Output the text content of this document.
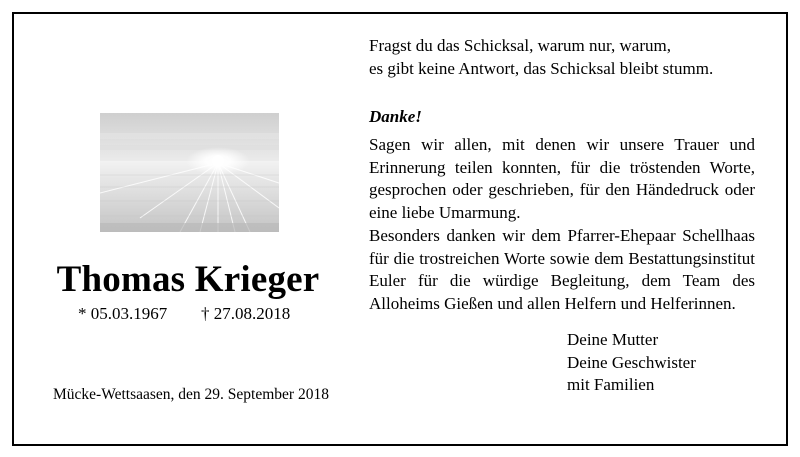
Thomas Krieger
* 05.03.1967 † 27.08.2018
Mücke-Wettsaasen, den 29. September 2018
Fragst du das Schicksal, warum nur, warum,
es gibt keine Antwort, das Schicksal bleibt stumm.
Danke!

Sagen wir allen, mit denen wir unsere Trauer und Erinnerung teilen konnten, für die tröstenden Worte, gesprochen oder geschrieben, für den Händedruck oder eine liebe Umarmung.

Besonders danken wir dem Pfarrer-Ehepaar Schellhaas für die trostreichen Worte sowie dem Bestattungsinstitut Euler für die würdige Begleitung, dem Team des Alloheims Gießen und allen Helfern und Helferinnen.

Deine Mutter
Deine Geschwister
mit Familien
